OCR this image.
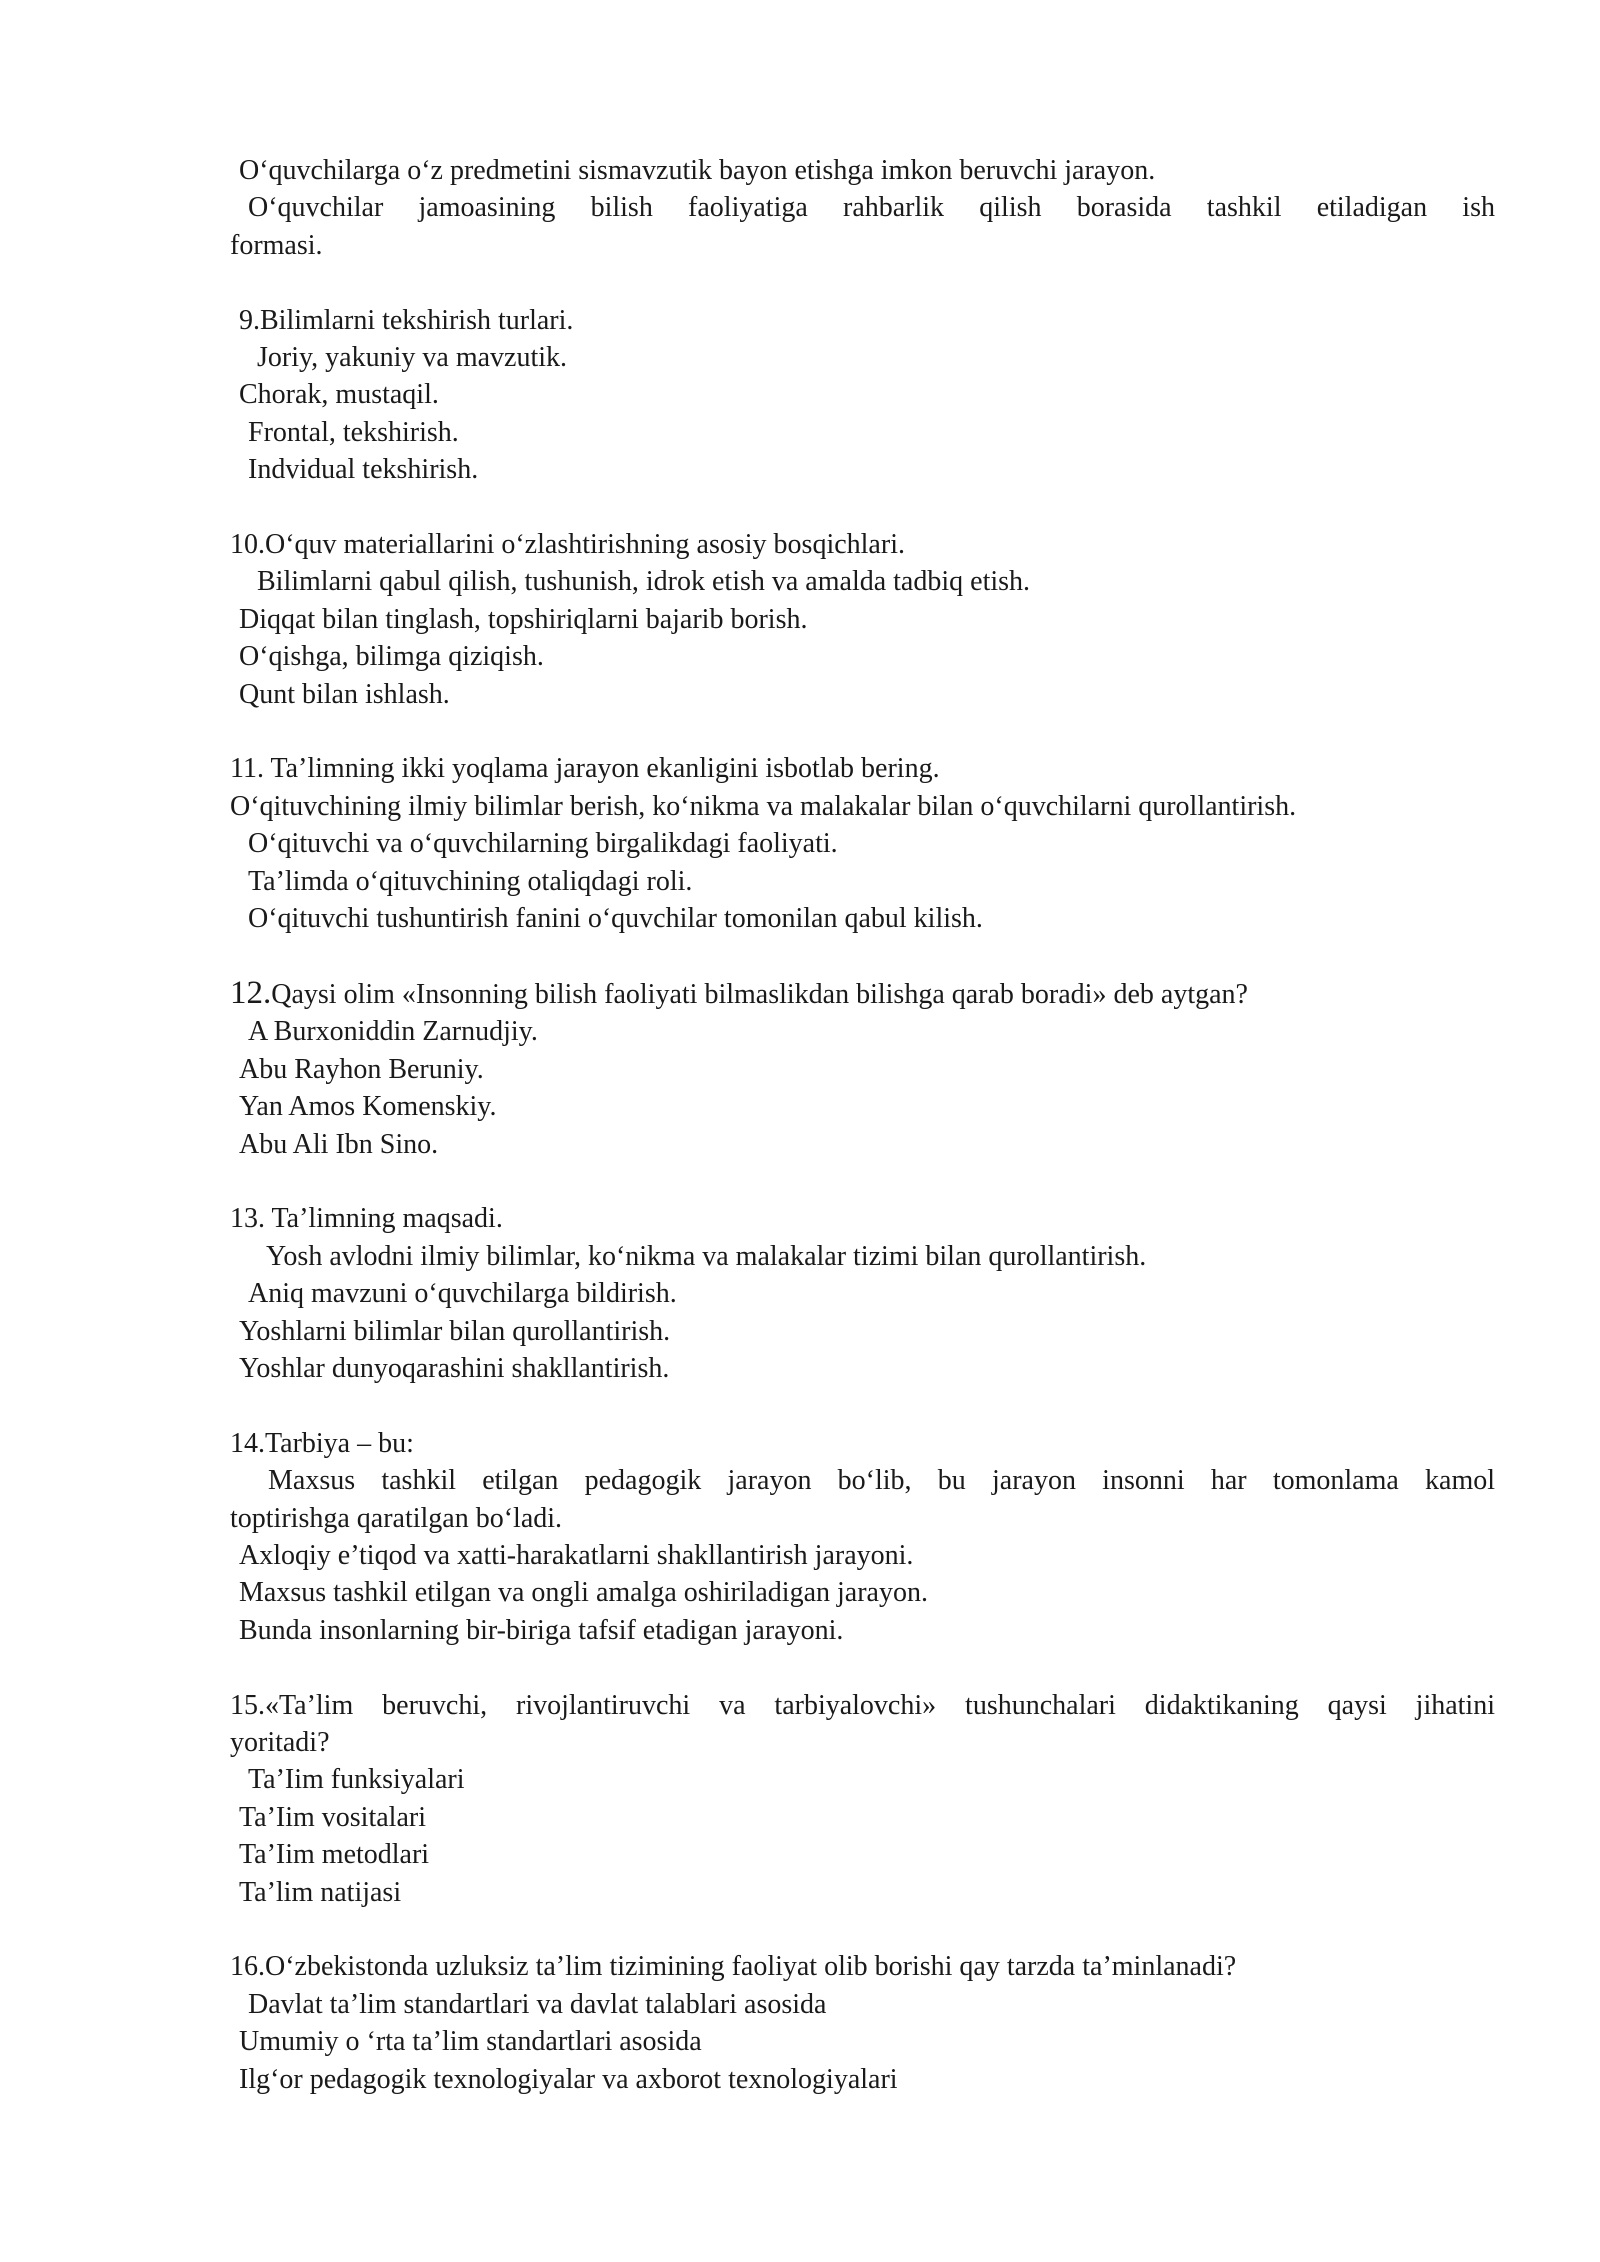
O‘quvchilarga o‘z predmetini sismavzutik bayon etishga imkon beruvchi jarayon.

O‘quvchilar jamoasining bilish faoliyatiga rahbarlik qilish borasida tashkil etiladigan ish

formasi.

9.Bilimlarni tekshirish turlari.

Joriy, yakuniy va mavzutik.

Chorak, mustaqil.

Frontal, tekshirish.

Indvidual tekshirish.

10.O‘quv materiallarini o‘zlashtirishning asosiy bosqichlari.

Bilimlarni qabul qilish, tushunish, idrok etish va amalda tadbiq etish.

Diqqat bilan tinglash, topshiriqlarni bajarib borish.

O‘qishga, bilimga qiziqish.

Qunt bilan ishlash.

11. Ta’limning ikki yoqlama jarayon ekanligini isbotlab bering.

O‘qituvchining ilmiy bilimlar berish, ko‘nikma va malakalar bilan o‘quvchilarni qurollantirish.

O‘qituvchi va o‘quvchilarning birgalikdagi faoliyati.

Ta’limda o‘qituvchining otaliqdagi roli.

O‘qituvchi tushuntirish fanini o‘quvchilar tomonilan qabul kilish.

12.Qaysi olim «Insonning bilish faoliyati bilmaslikdan bilishga qarab boradi» deb aytgan?

A Burxoniddin Zarnudjiy.

Abu Rayhon Beruniy.

Yan Amos Komenskiy.

Abu Ali Ibn Sino.

13. Ta’limning maqsadi.

Yosh avlodni ilmiy bilimlar, ko‘nikma va malakalar tizimi bilan qurollantirish.

Aniq mavzuni o‘quvchilarga bildirish.

Yoshlarni bilimlar bilan qurollantirish.

Yoshlar dunyoqarashini shakllantirish.

14.Tarbiya – bu:

Maxsus tashkil etilgan pedagogik jarayon bo‘lib, bu jarayon insonni har tomonlama kamol

toptirishga qaratilgan bo‘ladi.

Axloqiy e’tiqod va xatti-harakatlarni shakllantirish jarayoni.

Maxsus tashkil etilgan va ongli amalga oshiriladigan jarayon.

Bunda insonlarning bir-biriga tafsif etadigan jarayoni.

15.«Ta’lim beruvchi, rivojlantiruvchi va tarbiyalovchi» tushunchalari didaktikaning qaysi jihatini

yoritadi?

Ta’Iim funksiyalari

Ta’Iim vositalari

Ta’Iim metodlari

Ta’lim natijasi

16.O‘zbekistonda uzluksiz ta’lim tizimining faoliyat olib borishi qay tarzda ta’minlanadi?

Davlat ta’lim standartlari va davlat talablari asosida

Umumiy o ‘rta ta’lim standartlari asosida

Ilg‘or pedagogik texnologiyalar va axborot texnologiyalari
